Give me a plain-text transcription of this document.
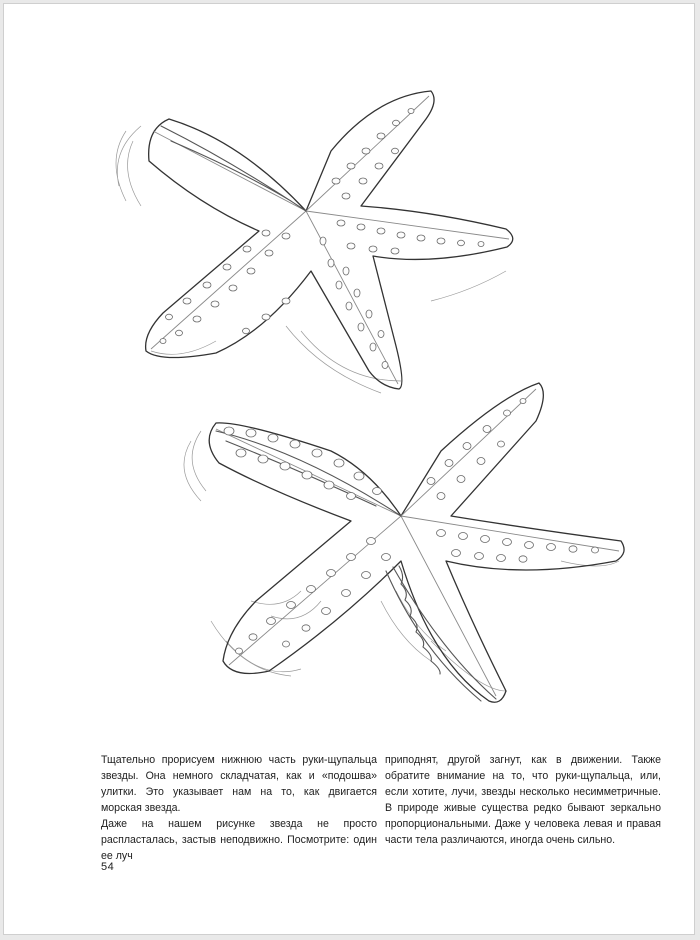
Тщательно прорисуем нижнюю часть руки-щупальца звезды. Она немного складчатая, как и «подошва» улитки. Это указывает нам на то, как двигается морская звезда.

Даже на нашем рисунке звезда не просто распласталась, застыв неподвижно. Посмотрите: один ее луч

приподнят, другой загнут, как в движении. Также обратите внимание на то, что руки-щупальца, или, если хотите, лучи, звезды несколько несимметричные. В природе живые существа редко бывают зеркально пропорциональными. Даже у человека левая и правая части тела различаются, иногда очень сильно.

54
